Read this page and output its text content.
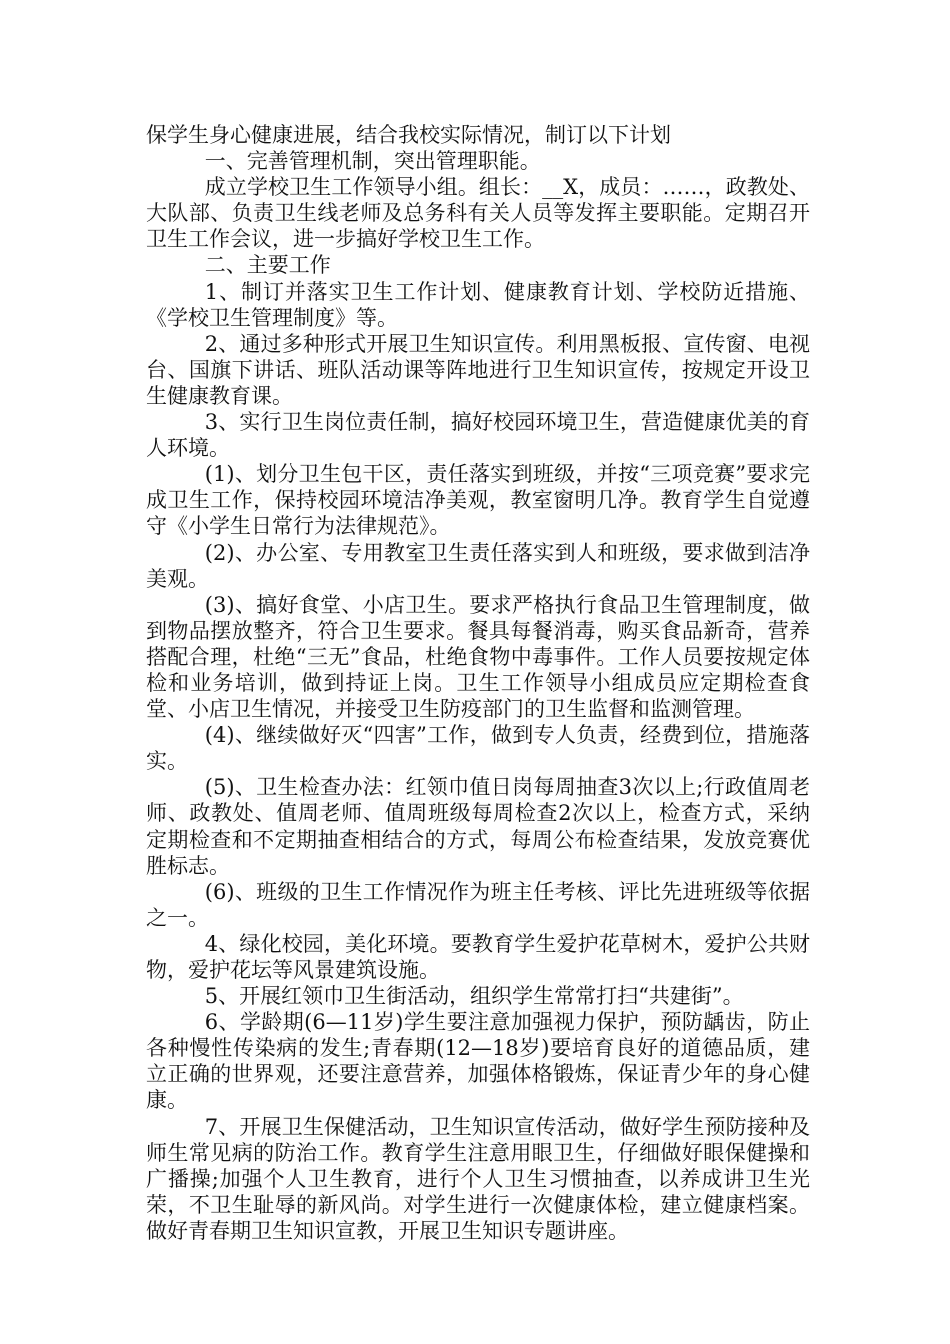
保学生身心健康进展，结合我校实际情况，制订以下计划

一、完善管理机制，突出管理职能。

成立学校卫生工作领导小组。组长：__X，成员：……，政教处、大队部、负责卫生线老师及总务科有关人员等发挥主要职能。定期召开卫生工作会议，进一步搞好学校卫生工作。

二、主要工作

1、制订并落实卫生工作计划、健康教育计划、学校防近措施、《学校卫生管理制度》等。

2、通过多种形式开展卫生知识宣传。利用黑板报、宣传窗、电视台、国旗下讲话、班队活动课等阵地进行卫生知识宣传，按规定开设卫生健康教育课。

3、实行卫生岗位责任制，搞好校园环境卫生，营造健康优美的育人环境。

(1)、划分卫生包干区，责任落实到班级，并按“三项竞赛”要求完成卫生工作，保持校园环境洁净美观，教室窗明几净。教育学生自觉遵守《小学生日常行为法律规范》。

(2)、办公室、专用教室卫生责任落实到人和班级，要求做到洁净美观。

(3)、搞好食堂、小店卫生。要求严格执行食品卫生管理制度，做到物品摆放整齐，符合卫生要求。餐具每餐消毒，购买食品新奇，营养搭配合理，杜绝“三无”食品，杜绝食物中毒事件。工作人员要按规定体检和业务培训，做到持证上岗。卫生工作领导小组成员应定期检查食堂、小店卫生情况，并接受卫生防疫部门的卫生监督和监测管理。

(4)、继续做好灭“四害”工作，做到专人负责，经费到位，措施落实。

(5)、卫生检查办法：红领巾值日岗每周抽查3次以上;行政值周老师、政教处、值周老师、值周班级每周检查2次以上，检查方式，采纳定期检查和不定期抽查相结合的方式，每周公布检查结果，发放竞赛优胜标志。

(6)、班级的卫生工作情况作为班主任考核、评比先进班级等依据之一。

4、绿化校园，美化环境。要教育学生爱护花草树木，爱护公共财物，爱护花坛等风景建筑设施。

5、开展红领巾卫生街活动，组织学生常常打扫“共建街”。

6、学龄期(6—11岁)学生要注意加强视力保护，预防龋齿，防止各种慢性传染病的发生;青春期(12—18岁)要培育良好的道德品质，建立正确的世界观，还要注意营养，加强体格锻炼，保证青少年的身心健康。

7、开展卫生保健活动，卫生知识宣传活动，做好学生预防接种及师生常见病的防治工作。教育学生注意用眼卫生，仔细做好眼保健操和广播操;加强个人卫生教育，进行个人卫生习惯抽查，以养成讲卫生光荣，不卫生耻辱的新风尚。对学生进行一次健康体检，建立健康档案。做好青春期卫生知识宣教，开展卫生知识专题讲座。
